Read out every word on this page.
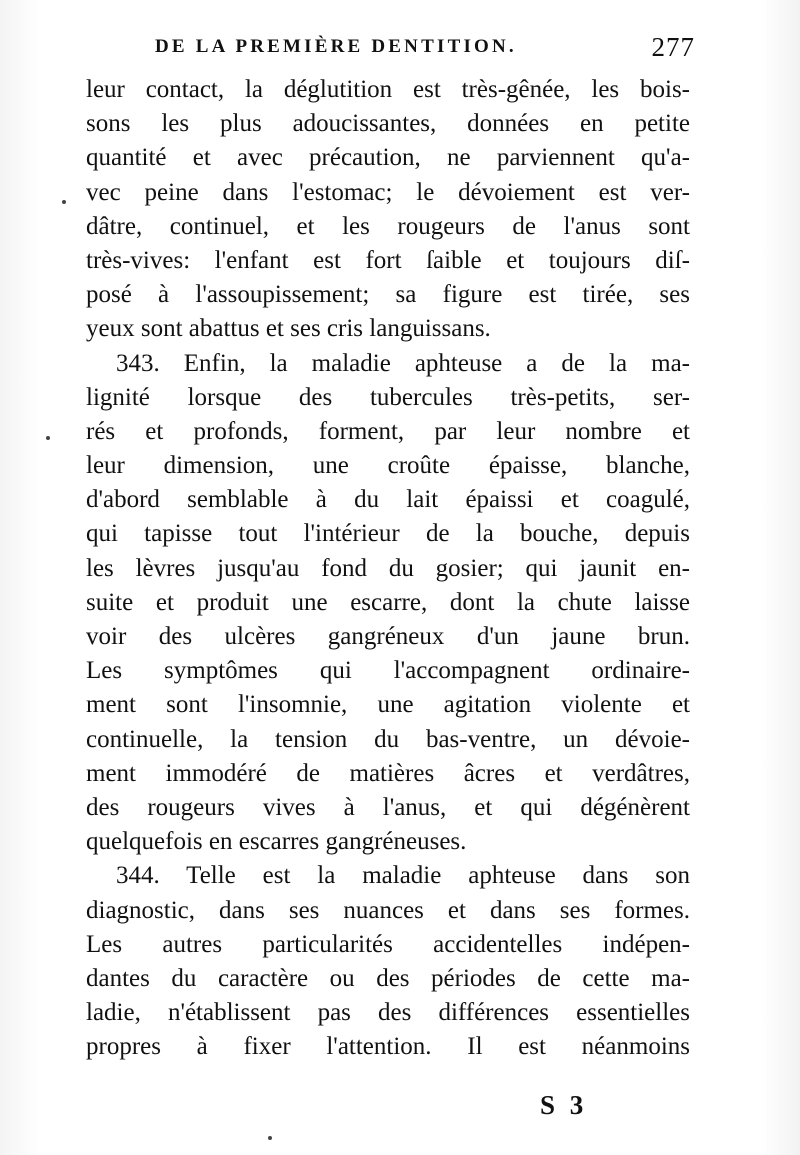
DE LA PREMIÈRE DENTITION.	277
leur contact, la déglutition est très-gênée, les bois-
sons les plus adoucissantes, données en petite
quantité et avec précaution, ne parviennent qu'a-
vec peine dans l'estomac; le dévoiement est ver-
dâtre, continuel, et les rougeurs de l'anus sont
très-vives: l'enfant est fort ſaible et toujours diſ-
posé à l'assoupissement; sa figure est tirée, ses
yeux sont abattus et ses cris languissans.
343. Enfin, la maladie aphteuse a de la ma-
lignité lorsque des tubercules très-petits, ser-
rés et profonds, forment, par leur nombre et
leur dimension, une croûte épaisse, blanche,
d'abord semblable à du lait épaissi et coagulé,
qui tapisse tout l'intérieur de la bouche, depuis
les lèvres jusqu'au fond du gosier; qui jaunit en-
suite et produit une escarre, dont la chute laisse
voir des ulcères gangréneux d'un jaune brun.
Les symptômes qui l'accompagnent ordinaire-
ment sont l'insomnie, une agitation violente et
continuelle, la tension du bas-ventre, un dévoie-
ment immodéré de matières âcres et verdâtres,
des rougeurs vives à l'anus, et qui dégénèrent
quelquefois en escarres gangréneuses.
344. Telle est la maladie aphteuse dans son
diagnostic, dans ses nuances et dans ses formes.
Les autres particularités accidentelles indépen-
dantes du caractère ou des périodes de cette ma-
ladie, n'établissent pas des différences essentielles
propres à fixer l'attention. Il est néanmoins
S 3
